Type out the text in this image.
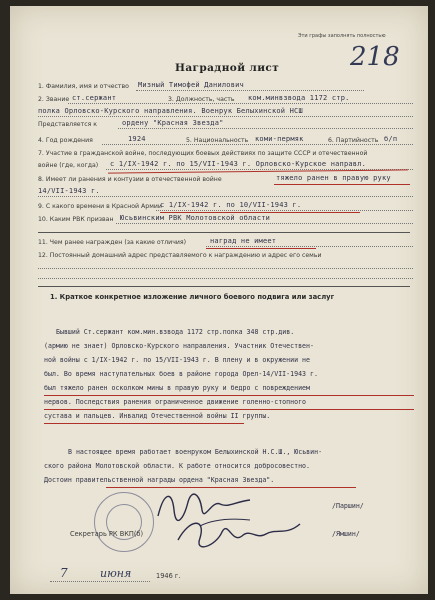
Эти графы заполнять полностью
218
Наградной лист
1. Фамилия, имя и отчество Мизный Тимофей Данилович
2. Звание ст.сержант	3. Должность, часть ком.минвзвода 1172 стр.
полка Орловско-Курского направления. Военрук Белыхинской НСШ
Представляется к	ордену "Красная Звезда"
4. Год рождения	1924	5. Национальность коми-пермяк	6. Партийность б/п
7. Участие в гражданской войне, последующих боевых действиях по защите СССР и отечественной
войне (где, когда) с 1/IX-1942 г. по 15/VII-1943 г. Орловско-Курское направл.
8. Имеет ли ранения и контузии в отечественной войне	тяжело ранен в правую руку
14/VII-1943 г.
9. С какого времени в Красной Армии
с 1/IX-1942 г. по 10/VII-1943 г.
10. Каким РВК призван Юсьвинским РВК Молотовской области
11. Чем ранее награжден (за какие отличия)	наград не имеет
12. Постоянный домашний адрес представляемого к награждению и адрес его семьи
1. Краткое конкретное изложение личного боевого подвига или заслуг
Бывший Ст.сержант ком.мин.взвода 1172 стр.полка 348 стр.див.
(армию не знает) Орловско-Курского направления. Участник Отечествен-
ной войны с 1/IX-1942 г. по 15/VII-1943 г. В плену и в окружении не
был. Во время наступательных боев в районе города Орел-14/VII-1943 г.
был тяжело ранен осколком мины в правую руку и бедро с повреждением
нервов. Последствия ранения ограниченное движение голенно-стопного
сустава и пальцев. Инвалид Отечественной войны II группы.
В настоящее время работает военруком Белыхинской Н.С.Ш., Юсьвин-
ского района Молотовской области. К работе относится добросовестно.
Достоин правительственной награды ордена "Красная Звезда".
/Паршин/
Секретарь РК ВКП(б)	/Ямшин/
7	июня	1946 г.
